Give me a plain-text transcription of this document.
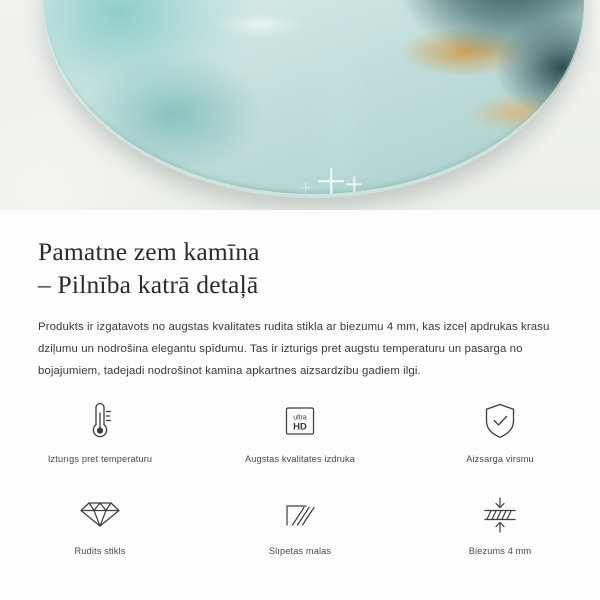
Pamatne zem kamīna
– Pilnība katrā detaļā

Produkts ir izgatavots no augstas kvalitates rudita stikla ar biezumu 4 mm, kas izceļ apdrukas krasu dziļumu un nodrošina elegantu spīdumu. Tas ir izturigs pret augstu temperaturu un pasarga no bojajumiem, tadejadi nodrošinot kamina apkartnes aizsardzibu gadiem ilgi.

Izturıgs pret temperaturu
ultra
HD
Augstas kvalitates izdruka	Aizsarga virsmu
Rudits stikls	Slıpetas malas	Biezums 4 mm
